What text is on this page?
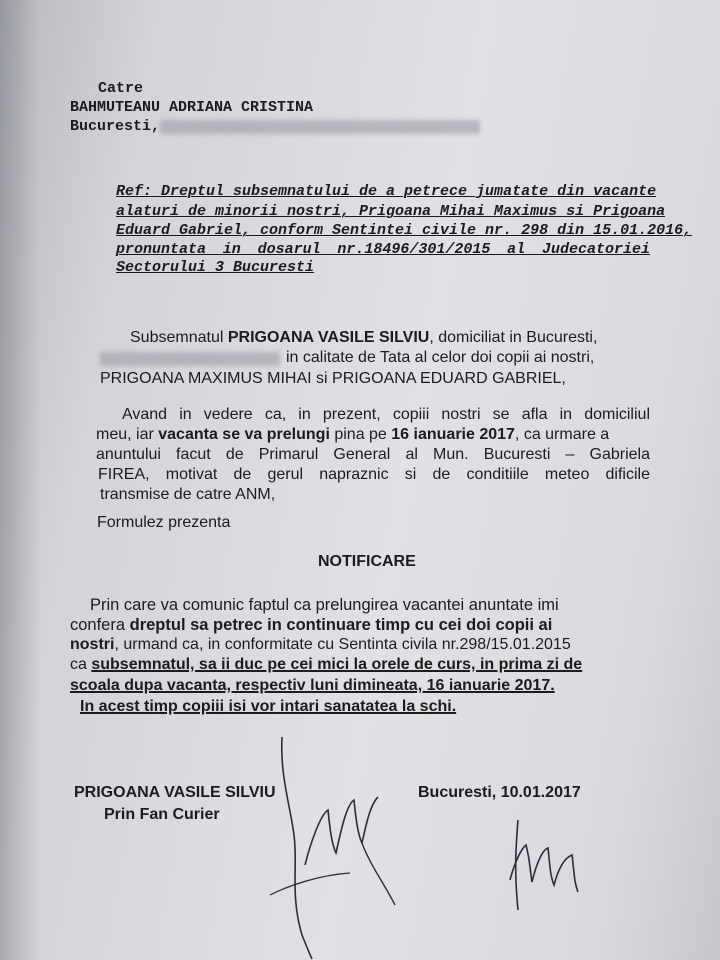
Catre
BAHMUTEANU ADRIANA CRISTINA
Bucuresti,
Ref: Dreptul subsemnatului de a petrece jumatate din vacante
alaturi de minorii nostri, Prigoana Mihai Maximus si Prigoana
Eduard Gabriel, conform Sentintei civile nr. 298 din 15.01.2016,
pronuntata in dosarul nr.18496/301/2015 al Judecatoriei
Sectorului 3 Bucuresti
Subsemnatul PRIGOANA VASILE SILVIU, domiciliat in Bucuresti,
in calitate de Tata al celor doi copii ai nostri,
PRIGOANA MAXIMUS MIHAI si PRIGOANA EDUARD GABRIEL,
Avand in vedere ca, in prezent, copiii nostri se afla in domiciliul
meu, iar vacanta se va prelungi pina pe 16 ianuarie 2017, ca urmare a
anuntului facut de Primarul General al Mun. Bucuresti – Gabriela
FIREA, motivat de gerul napraznic si de conditiile meteo dificile
transmise de catre ANM,
Formulez prezenta
NOTIFICARE
Prin care va comunic faptul ca prelungirea vacantei anuntate imi
confera dreptul sa petrec in continuare timp cu cei doi copii ai
nostri, urmand ca, in conformitate cu Sentinta civila nr.298/15.01.2015
ca subsemnatul, sa ii duc pe cei mici la orele de curs, in prima zi de
scoala dupa vacanta, respectiv luni dimineata, 16 ianuarie 2017.
In acest timp copiii isi vor intari sanatatea la schi.
PRIGOANA VASILE SILVIU
Prin Fan Curier
Bucuresti, 10.01.2017
